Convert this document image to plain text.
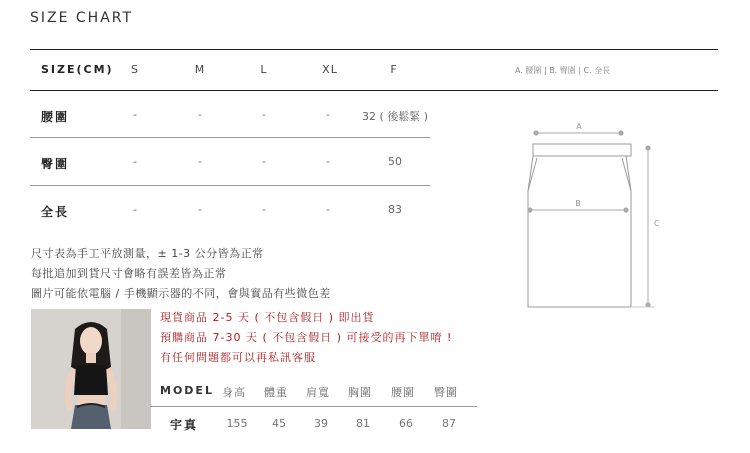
SIZE CHART
SIZE(CM)	S	M	L	XL	F	A. 腰圍 | B. 臀圍 | C. 全長
腰圍	-	-	-	-	32 ( 後鬆緊 )
臀圍	-	-	-	-	50
全長	-	-	-	-	83
A
B
C
尺寸表為手工平放測量，± 1-3 公分皆為正常
每批追加到貨尺寸會略有誤差皆為正常
圖片可能依電腦 / 手機顯示器的不同，會與實品有些微色差
現貨商品 2-5 天 ( 不包含假日 ) 即出貨
預購商品 7-30 天 ( 不包含假日 ) 可接受的再下單唷 !
有任何問題都可以再私訊客服
MODEL 身高 體重 肩寬 胸圍 腰圍 臀圍
宇真	155	45	39	81	66	87
